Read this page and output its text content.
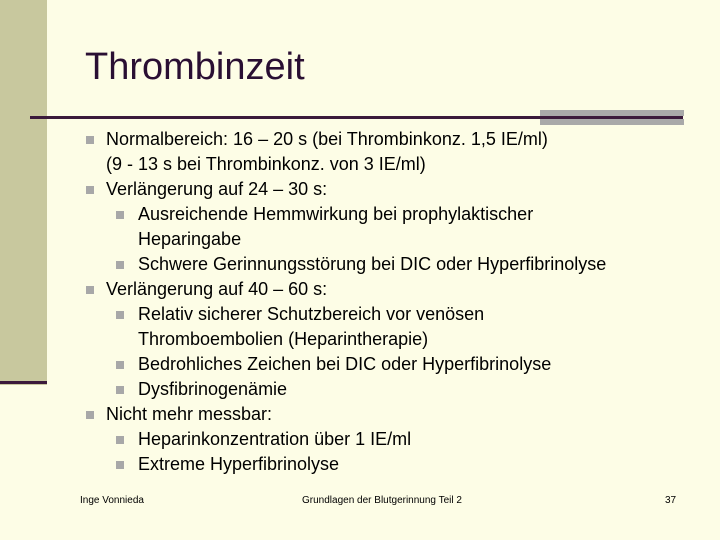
Thrombinzeit
Normalbereich: 16 – 20 s (bei Thrombinkonz. 1,5 IE/ml)
(9 - 13 s bei Thrombinkonz. von 3 IE/ml)
Verlängerung auf 24 – 30 s:
Ausreichende Hemmwirkung bei prophylaktischer
Heparingabe
Schwere Gerinnungsstörung bei DIC oder Hyperfibrinolyse
Verlängerung auf 40 – 60 s:
Relativ sicherer Schutzbereich vor venösen
Thromboembolien (Heparintherapie)
Bedrohliches Zeichen bei DIC oder Hyperfibrinolyse
Dysfibrinogenämie
Nicht mehr messbar:
Heparinkonzentration über 1 IE/ml
Extreme Hyperfibrinolyse
Inge Vonnieda	Grundlagen der Blutgerinnung Teil 2	37
